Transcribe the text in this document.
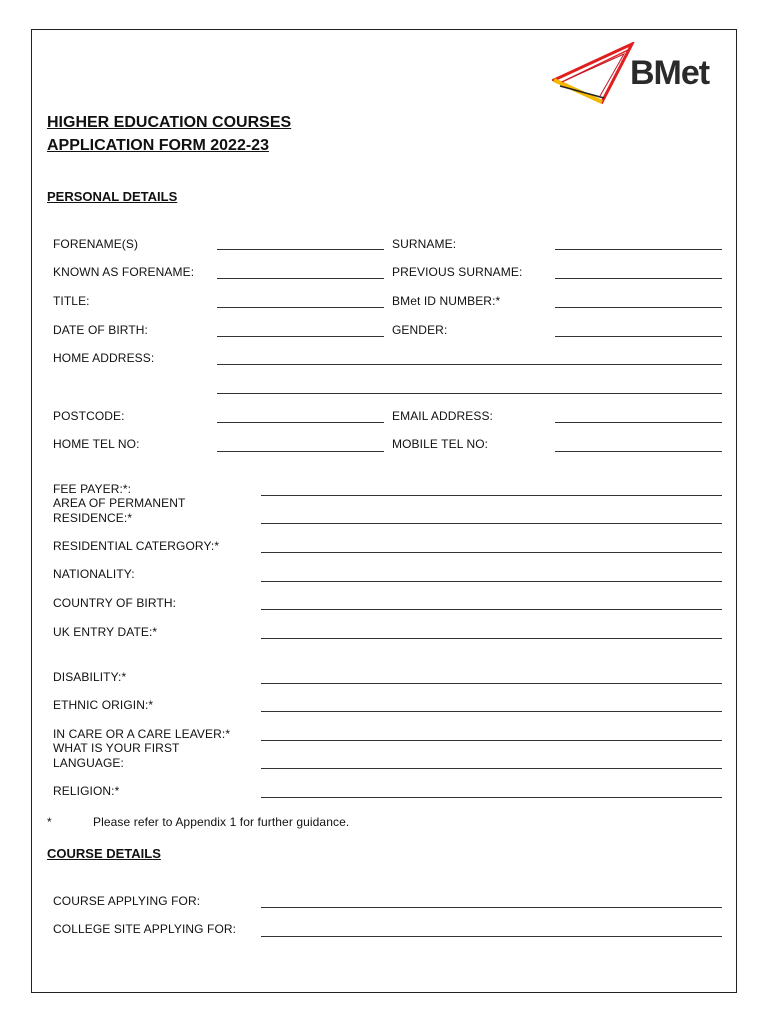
BMet
HIGHER EDUCATION COURSES
APPLICATION FORM 2022-23
PERSONAL DETAILS
FORENAME(S)	SURNAME:
KNOWN AS FORENAME:	PREVIOUS SURNAME:
TITLE:	BMet ID NUMBER:*
DATE OF BIRTH:	GENDER:
HOME ADDRESS:
POSTCODE:	EMAIL ADDRESS:
HOME TEL NO:	MOBILE TEL NO:
FEE PAYER:*:
AREA OF PERMANENT
RESIDENCE:*
RESIDENTIAL CATERGORY:*
NATIONALITY:
COUNTRY OF BIRTH:
UK ENTRY DATE:*
DISABILITY:*
ETHNIC ORIGIN:*
IN CARE OR A CARE LEAVER:*
WHAT IS YOUR FIRST
LANGUAGE:
RELIGION:*
*	Please refer to Appendix 1 for further guidance.
COURSE DETAILS
COURSE APPLYING FOR:
COLLEGE SITE APPLYING FOR:
